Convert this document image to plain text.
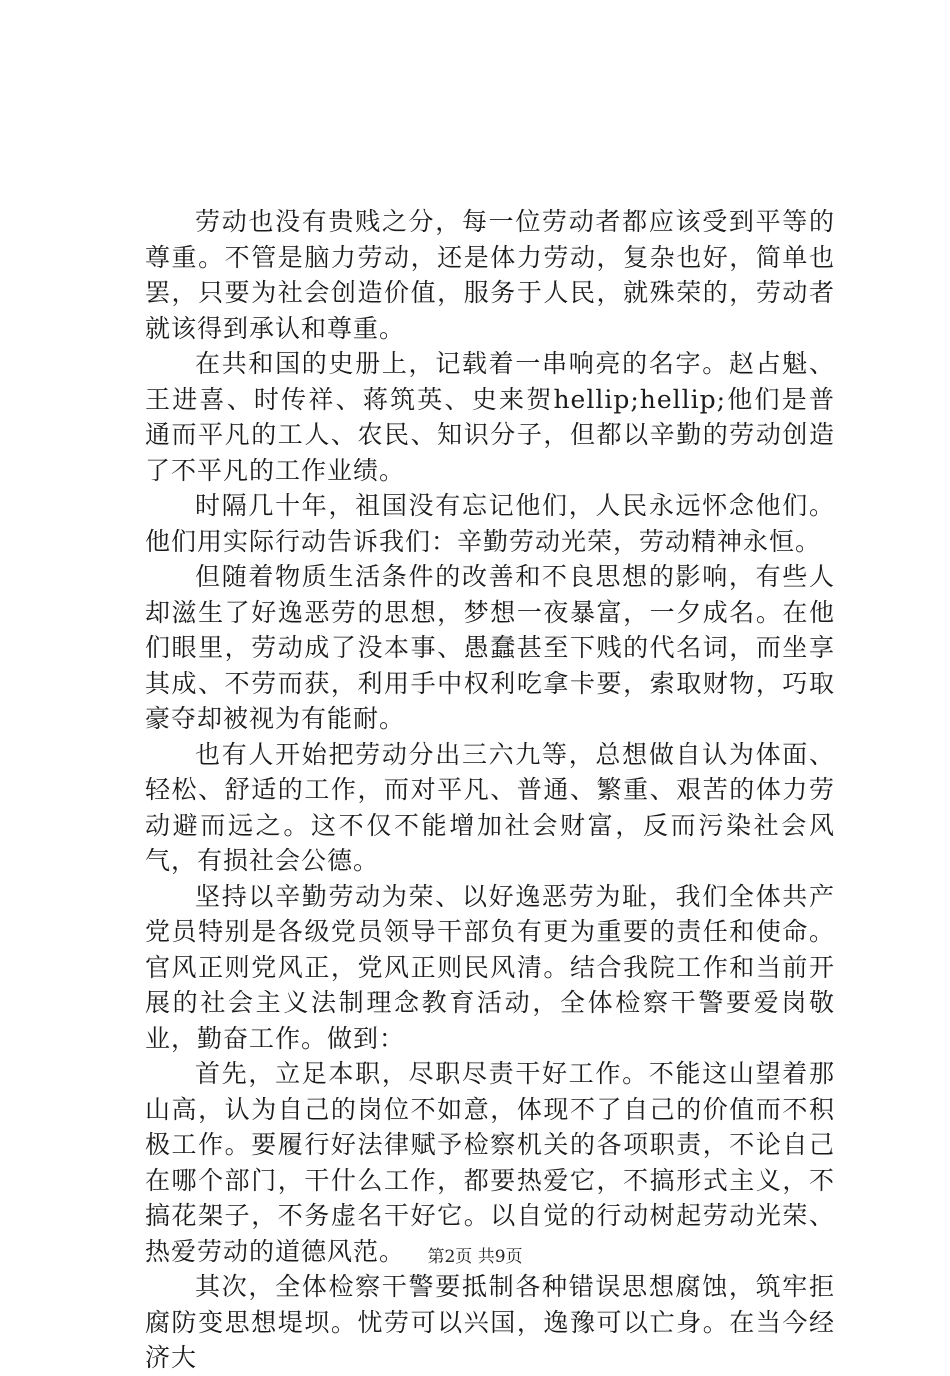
劳动也没有贵贱之分，每一位劳动者都应该受到平等的尊重。不管是脑力劳动，还是体力劳动，复杂也好，简单也罢，只要为社会创造价值，服务于人民，就殊荣的，劳动者就该得到承认和尊重。

在共和国的史册上，记载着一串响亮的名字。赵占魁、王进喜、时传祥、蒋筑英、史来贺hellip;hellip;他们是普通而平凡的工人、农民、知识分子，但都以辛勤的劳动创造了不平凡的工作业绩。

时隔几十年，祖国没有忘记他们，人民永远怀念他们。他们用实际行动告诉我们：辛勤劳动光荣，劳动精神永恒。

但随着物质生活条件的改善和不良思想的影响，有些人却滋生了好逸恶劳的思想，梦想一夜暴富，一夕成名。在他们眼里，劳动成了没本事、愚蠢甚至下贱的代名词，而坐享其成、不劳而获，利用手中权利吃拿卡要，索取财物，巧取豪夺却被视为有能耐。

也有人开始把劳动分出三六九等，总想做自认为体面、轻松、舒适的工作，而对平凡、普通、繁重、艰苦的体力劳动避而远之。这不仅不能增加社会财富，反而污染社会风气，有损社会公德。

坚持以辛勤劳动为荣、以好逸恶劳为耻，我们全体共产党员特别是各级党员领导干部负有更为重要的责任和使命。官风正则党风正，党风正则民风清。结合我院工作和当前开展的社会主义法制理念教育活动，全体检察干警要爱岗敬业，勤奋工作。做到：

首先，立足本职，尽职尽责干好工作。不能这山望着那山高，认为自己的岗位不如意，体现不了自己的价值而不积极工作。要履行好法律赋予检察机关的各项职责，不论自己在哪个部门，干什么工作，都要热爱它，不搞形式主义，不搞花架子，不务虚名干好它。以自觉的行动树起劳动光荣、热爱劳动的道德风范。

其次，全体检察干警要抵制各种错误思想腐蚀，筑牢拒腐防变思想堤坝。忧劳可以兴国，逸豫可以亡身。在当今经济大

第2页 共9页
